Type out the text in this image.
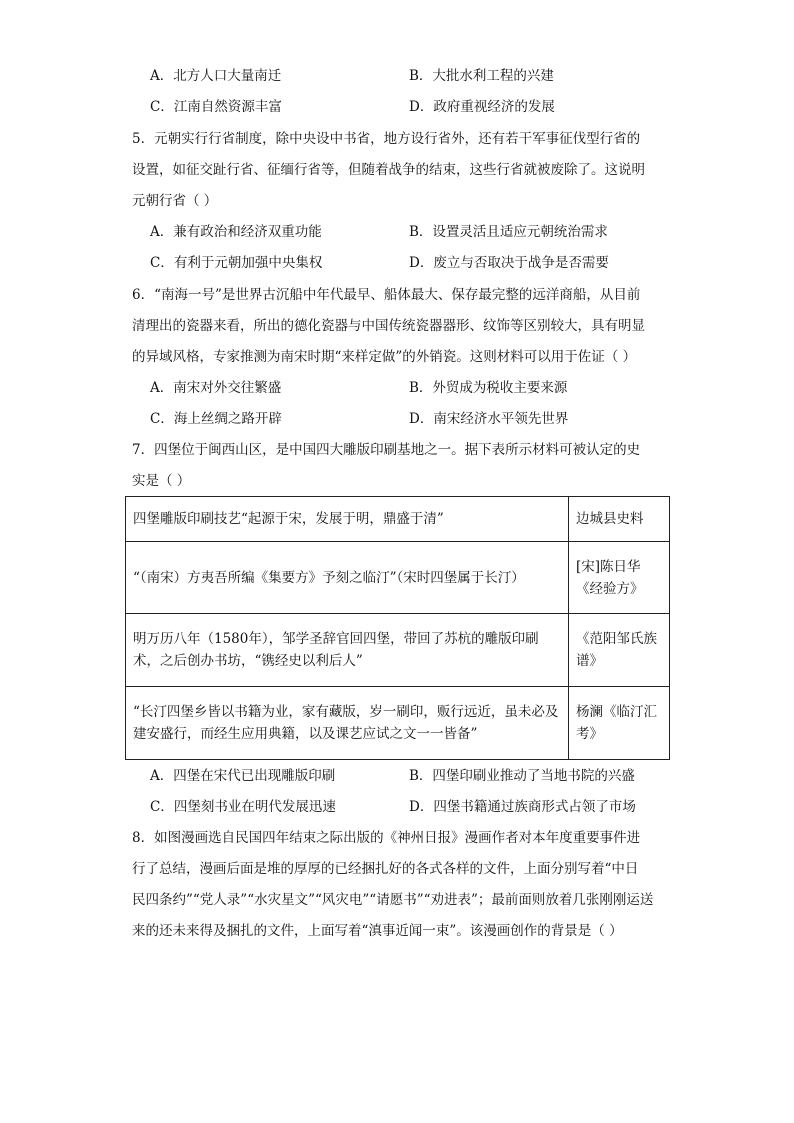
A．北方人口大量南迁	B．大批水利工程的兴建
C．江南自然资源丰富	D．政府重视经济的发展
5．元朝实行行省制度，除中央设中书省，地方设行省外，还有若干军事征伐型行省的
设置，如征交趾行省、征缅行省等，但随着战争的结束，这些行省就被废除了。这说明
元朝行省（ ）
A．兼有政治和经济双重功能	B．设置灵活且适应元朝统治需求
C．有利于元朝加强中央集权	D．废立与否取决于战争是否需要
6．“南海一号”是世界古沉船中年代最早、船体最大、保存最完整的远洋商船，从目前
清理出的瓷器来看，所出的德化瓷器与中国传统瓷器器形、纹饰等区别较大，具有明显
的异域风格，专家推测为南宋时期“来样定做”的外销瓷。这则材料可以用于佐证（ ）
A．南宋对外交往繁盛	B．外贸成为税收主要来源
C．海上丝绸之路开辟	D．南宋经济水平领先世界
7．四堡位于闽西山区，是中国四大雕版印刷基地之一。据下表所示材料可被认定的史
实是（ ）
四堡雕版印刷技艺“起源于宋，发展于明，鼎盛于清”	边城县史料
“（南宋）方夷吾所编《集要方》予刻之临汀”（宋时四堡属于长汀）	[宋]陈日华《经验方》
明万历八年（1580年），邹学圣辞官回四堡，带回了苏杭的雕版印刷术，之后创办书坊，“镌经史以利后人”	《范阳邹氏族谱》
“长汀四堡乡皆以书籍为业，家有藏版，岁一刷印，贩行远近，虽未必及建安盛行，而经生应用典籍，以及课艺应试之文一一皆备”	杨澜《临汀汇考》
A．四堡在宋代已出现雕版印刷	B．四堡印刷业推动了当地书院的兴盛
C．四堡刻书业在明代发展迅速	D．四堡书籍通过族商形式占领了市场
8．如图漫画选自民国四年结束之际出版的《神州日报》漫画作者对本年度重要事件进
行了总结，漫画后面是堆的厚厚的已经捆扎好的各式各样的文件，上面分别写着“中日
民四条约”“党人录”“水灾星文”“风灾电”“请愿书”“劝进表”；最前面则放着几张刚刚运送
来的还未来得及捆扎的文件，上面写着“滇事近闻一束”。该漫画创作的背景是（ ）
